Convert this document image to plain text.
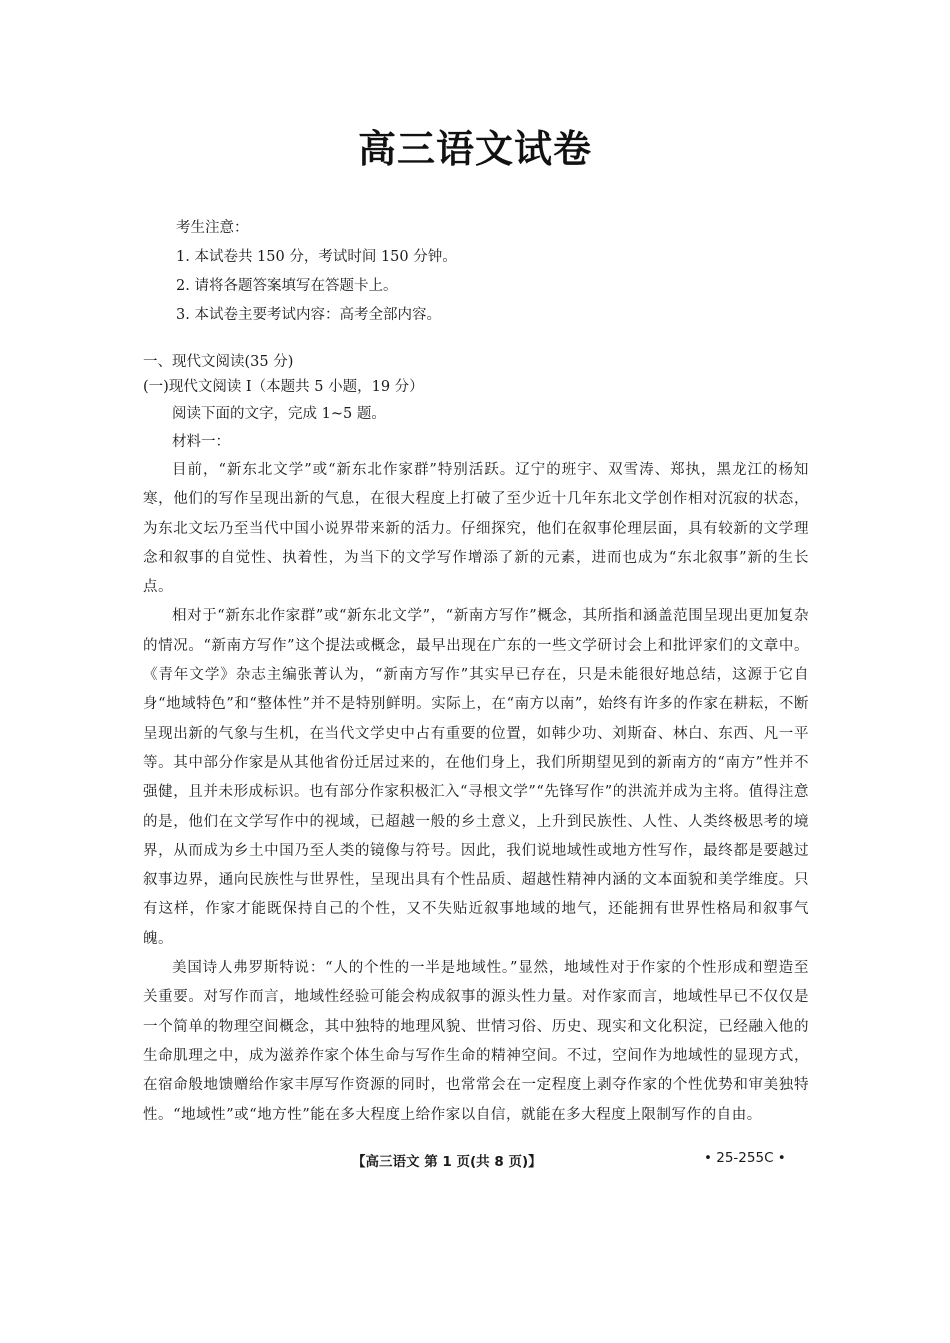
高三语文试卷
考生注意：
1. 本试卷共 150 分，考试时间 150 分钟。
2. 请将各题答案填写在答题卡上。
3. 本试卷主要考试内容：高考全部内容。
一、现代文阅读(35 分)
(一)现代文阅读 I（本题共 5 小题，19 分）
阅读下面的文字，完成 1~5 题。
材料一：

目前，“新东北文学”或“新东北作家群”特别活跃。辽宁的班宇、双雪涛、郑执，黑龙江的杨知寒，他们的写作呈现出新的气息，在很大程度上打破了至少近十几年东北文学创作相对沉寂的状态，为东北文坛乃至当代中国小说界带来新的活力。仔细探究，他们在叙事伦理层面，具有较新的文学理念和叙事的自觉性、执着性，为当下的文学写作增添了新的元素，进而也成为“东北叙事”新的生长点。

相对于“新东北作家群”或“新东北文学”，“新南方写作”概念，其所指和涵盖范围呈现出更加复杂的情况。“新南方写作”这个提法或概念，最早出现在广东的一些文学研讨会上和批评家们的文章中。《青年文学》杂志主编张菁认为，“新南方写作”其实早已存在，只是未能很好地总结，这源于它自身“地域特色”和“整体性”并不是特别鲜明。实际上，在“南方以南”，始终有许多的作家在耕耘，不断呈现出新的气象与生机，在当代文学史中占有重要的位置，如韩少功、刘斯奋、林白、东西、凡一平等。其中部分作家是从其他省份迁居过来的，在他们身上，我们所期望见到的新南方的“南方”性并不强健，且并未形成标识。也有部分作家积极汇入“寻根文学”“先锋写作”的洪流并成为主将。值得注意的是，他们在文学写作中的视域，已超越一般的乡土意义，上升到民族性、人性、人类终极思考的境界，从而成为乡土中国乃至人类的镜像与符号。因此，我们说地域性或地方性写作，最终都是要越过叙事边界，通向民族性与世界性，呈现出具有个性品质、超越性精神内涵的文本面貌和美学维度。只有这样，作家才能既保持自己的个性，又不失贴近叙事地域的地气，还能拥有世界性格局和叙事气魄。

美国诗人弗罗斯特说：“人的个性的一半是地域性。”显然，地域性对于作家的个性形成和塑造至关重要。对写作而言，地域性经验可能会构成叙事的源头性力量。对作家而言，地域性早已不仅仅是一个简单的物理空间概念，其中独特的地理风貌、世情习俗、历史、现实和文化积淀，已经融入他的生命肌理之中，成为滋养作家个体生命与写作生命的精神空间。不过，空间作为地域性的显现方式，在宿命般地馈赠给作家丰厚写作资源的同时，也常常会在一定程度上剥夺作家的个性优势和审美独特性。“地域性”或“地方性”能在多大程度上给作家以自信，就能在多大程度上限制写作的自由。

【高三语文 第 1 页(共 8 页)】	• 25-255C •
